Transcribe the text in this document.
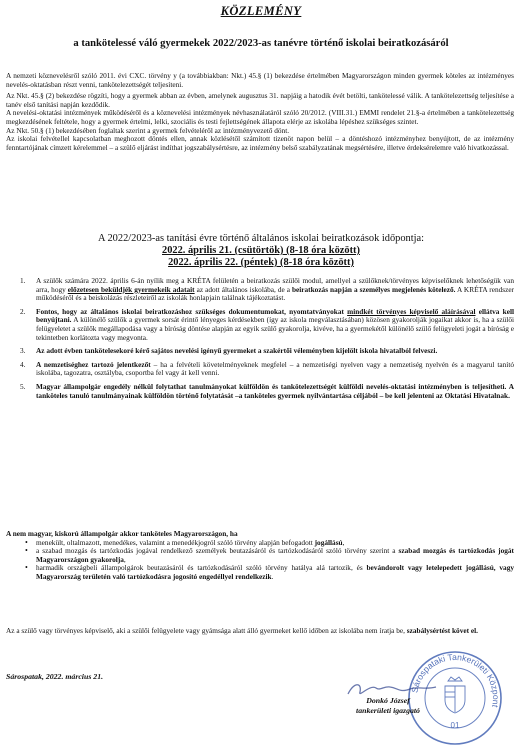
KÖZLEMÉNY
a tankötelessé váló gyermekek 2022/2023-as tanévre történő iskolai beiratkozásáról

A nemzeti köznevelésről szóló 2011. évi CXC. törvény y (a továbbiakban: Nkt.) 45.§ (1) bekezdése értelmében Magyarországon minden gyermek köteles az intézményes nevelés-oktatásban részt venni, tankötelezettségét teljesíteni.

Az Nkt. 45.§ (2) bekezdése rögzíti, hogy a gyermek abban az évben, amelynek augusztus 31. napjáig a hatodik évét betölti, tankötelessé válik. A tankötelezettség teljesítése a tanév első tanítási napján kezdődik.

A nevelési-oktatási intézmények működéséről és a köznevelési intézmények névhasználatáról szóló 20/2012. (VIII.31.) EMMI rendelet 21.§-a értelmében a tankötelezettség megkezdésének feltétele, hogy a gyermek értelmi, lelki, szociális és testi fejlettségének állapota elérje az iskolába lépéshez szükséges szintet.

Az Nkt. 50.§ (1) bekezdésében foglaltak szerint a gyermek felvételéről az intézményvezető dönt.

Az iskolai felvétellel kapcsolatban meghozott döntés ellen, annak közlésétől számított tizenöt napon belül – a döntéshozó intézményhez benyújtott, de az intézmény fenntartójának címzett kérelemmel – a szülő eljárást indíthat jogszabálysértésre, az intézmény belső szabályzatának megsértésére, illetve érdeksérelemre való hivatkozással.

A 2022/2023-as tanítási évre történő általános iskolai beiratkozások időpontja:
2022. április 21. (csütörtök) (8-18 óra között)
2022. április 22. (péntek) (8-18 óra között)
1. A szülők számára 2022. április 6-án nyílik meg a KRÉTA felületén a beiratkozás szülői modul, amellyel a szülőknek/törvényes képviselőknek lehetőségük van arra, hogy előzetesen beküldjék gyermekeik adatait az adott általános iskolába, de a beiratkozás napján a személyes megjelenés kötelező. A KRÉTA rendszer működéséről és a beiskolázás részleteiről az iskolák honlapjain találnak tájékoztatást.
2. Fontos, hogy az általános iskolai beiratkozáshoz szükséges dokumentumokat, nyomtatványokat mindkét törvényes képviselő aláírásával ellátva kell benyújtani. A különélő szülők a gyermek sorsát érintő lényeges kérdésekben (így az iskola megválasztásában) közösen gyakorolják jogaikat akkor is, ha a szülői felügyeletet a szülők megállapodása vagy a bíróság döntése alapján az egyik szülő gyakorolja, kivéve, ha a gyermekétől különélő szülő felügyeleti jogát a bíróság e tekintetben korlátozta vagy megvonta.
3. Az adott évben tankötelesekoré kérő sajátos nevelési igényű gyermeket a szakértői véleményben kijelölt iskola hivatalból felveszi.
4. A nemzetiséghez tartozó jelentkezőt – ha a felvételi követelményeknek megfelel – a nemzetiségi nyelven vagy a nemzetiség nyelvén és a magyarul tanító iskolába, tagozatra, osztályba, csoportba fel vagy át kell venni.
5. Magyar állampolgár engedély nélkül folytathat tanulmányokat külföldön és tankötelezettségét külföldi nevelés-oktatási intézményben is teljesítheti. A tanköteles tanuló tanulmányainak külföldön történő folytatását –a tanköteles gyermek nyilvántartása céljából – be kell jelenteni az Oktatási Hivatalnak.
A nem magyar, kiskorú állampolgár akkor tanköteles Magyarországon, ha
• menekült, oltalmazott, menedékes, valamint a menedékjogról szóló törvény alapján befogadott jogállású,
• a szabad mozgás és tartózkodás jogával rendelkező személyek beutazásáról és tartózkodásáról szóló törvény szerint a szabad mozgás és tartózkodás jogát Magyarországon gyakorolja,
• harmadik országbeli állampolgárok beutazásáról és tartózkodásáról szóló törvény hatálya alá tartozik, és bevándorolt vagy letelepedett jogállású, vagy Magyarország területén való tartózkodásra jogosító engedéllyel rendelkezik.

Az a szülő vagy törvényes képviselő, aki a szülői felügyelete vagy gyámsága alatt álló gyermeket kellő időben az iskolába nem íratja be, szabálysértést követ el.

Sárospatak, 2022. március 21.
Sárospataki Tankerületi Központ
01
Donkó József
tankerületi igazgató
